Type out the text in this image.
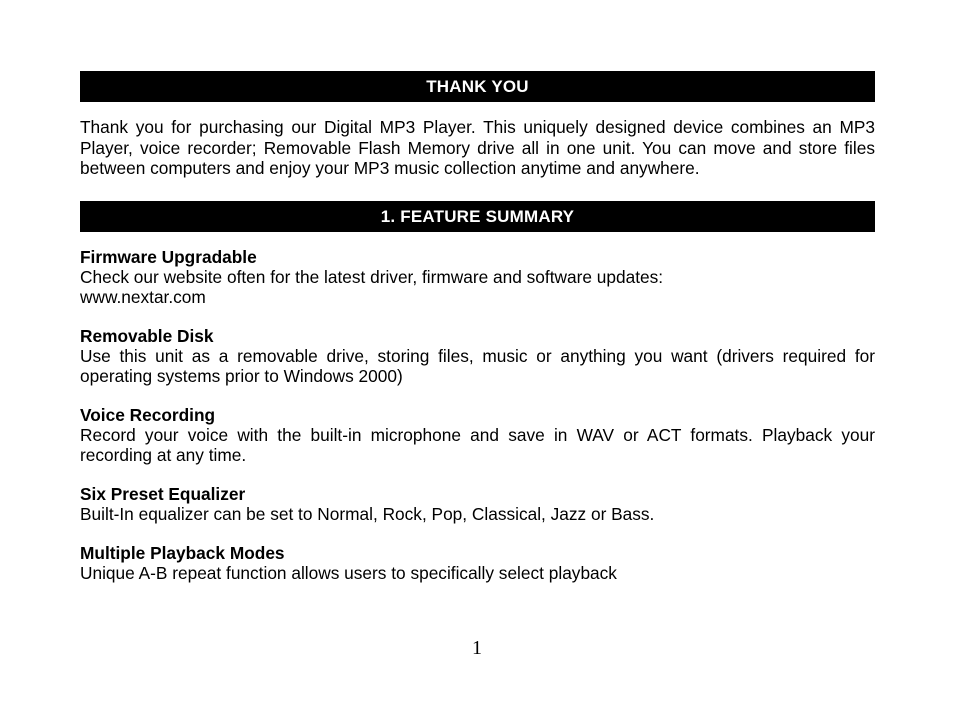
THANK YOU

Thank you for purchasing our Digital MP3 Player. This uniquely designed device combines an MP3 Player, voice recorder; Removable Flash Memory drive all in one unit. You can move and store files between computers and enjoy your MP3 music collection anytime and anywhere.

1. FEATURE SUMMARY
Firmware Upgradable
Check our website often for the latest driver, firmware and software updates:
www.nextar.com
Removable Disk
Use this unit as a removable drive, storing files, music or anything you want (drivers required for operating systems prior to Windows 2000)
Voice Recording
Record your voice with the built-in microphone and save in WAV or ACT formats. Playback your recording at any time.
Six Preset Equalizer
Built-In equalizer can be set to Normal, Rock, Pop, Classical, Jazz or Bass.
Multiple Playback Modes
Unique A-B repeat function allows users to specifically select playback
1
